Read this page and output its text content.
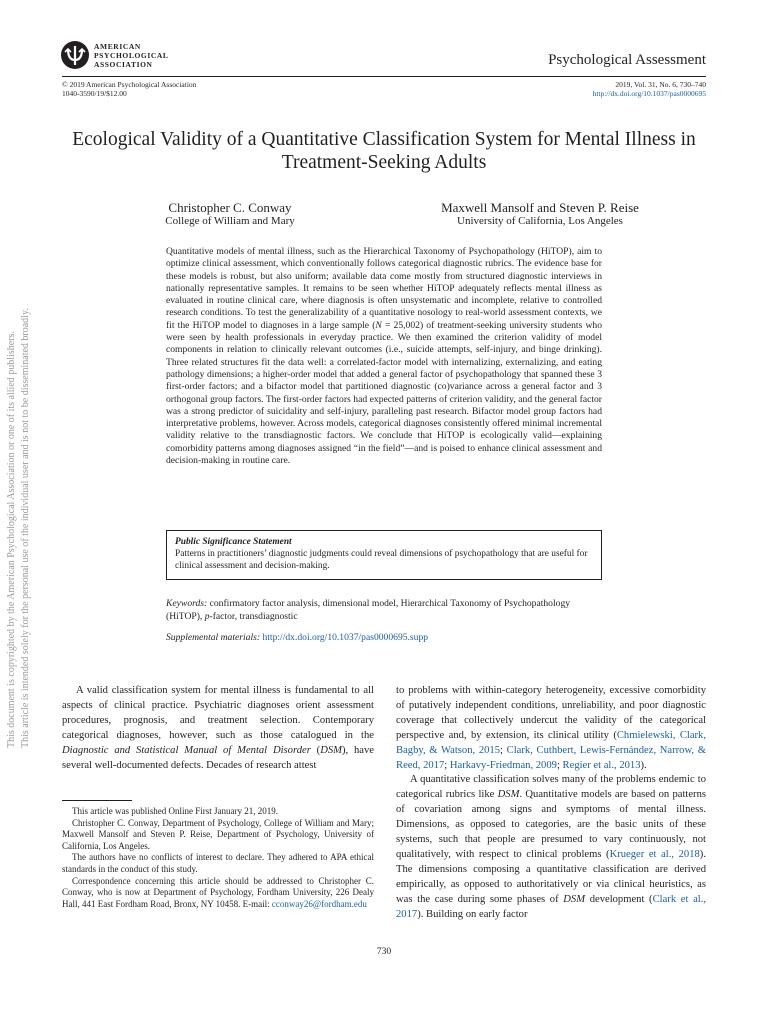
AMERICAN
PSYCHOLOGICAL
ASSOCIATION	Psychological Assessment
© 2019 American Psychological Association
1040-3590/19/$12.00
2019, Vol. 31, No. 6, 730–740
http://dx.doi.org/10.1037/pas0000695
Ecological Validity of a Quantitative Classification System for Mental Illness in Treatment-Seeking Adults
Christopher C. Conway
College of William and Mary
Maxwell Mansolf and Steven P. Reise
University of California, Los Angeles
Quantitative models of mental illness, such as the Hierarchical Taxonomy of Psychopathology (HiTOP), aim to optimize clinical assessment, which conventionally follows categorical diagnostic rubrics. The evidence base for these models is robust, but also uniform; available data come mostly from structured diagnostic interviews in nationally representative samples. It remains to be seen whether HiTOP adequately reflects mental illness as evaluated in routine clinical care, where diagnosis is often unsystematic and incomplete, relative to controlled research conditions. To test the generalizability of a quantitative nosology to real-world assessment contexts, we fit the HiTOP model to diagnoses in a large sample (N = 25,002) of treatment-seeking university students who were seen by health professionals in everyday practice. We then examined the criterion validity of model components in relation to clinically relevant outcomes (i.e., suicide attempts, self-injury, and binge drinking). Three related structures fit the data well: a correlated-factor model with internalizing, externalizing, and eating pathology dimensions; a higher-order model that added a general factor of psychopathology that spanned these 3 first-order factors; and a bifactor model that partitioned diagnostic (co)variance across a general factor and 3 orthogonal group factors. The first-order factors had expected patterns of criterion validity, and the general factor was a strong predictor of suicidality and self-injury, paralleling past research. Bifactor model group factors had interpretative problems, however. Across models, categorical diagnoses consistently offered minimal incremental validity relative to the transdiagnostic factors. We conclude that HiTOP is ecologically valid—explaining comorbidity patterns among diagnoses assigned “in the field”—and is poised to enhance clinical assessment and decision-making in routine care.
Public Significance Statement
Patterns in practitioners’ diagnostic judgments could reveal dimensions of psychopathology that are useful for clinical assessment and decision-making.
Keywords: confirmatory factor analysis, dimensional model, Hierarchical Taxonomy of Psychopathology (HiTOP), p-factor, transdiagnostic
Supplemental materials: http://dx.doi.org/10.1037/pas0000695.supp
This document is copyrighted by the American Psychological Association or one of its allied publishers. This article is intended solely for the personal use of the individual user and is not to be disseminated broadly.	A valid classification system for mental illness is fundamental to all aspects of clinical practice. Psychiatric diagnoses orient assessment procedures, prognosis, and treatment selection. Contemporary categorical diagnoses, however, such as those catalogued in the Diagnostic and Statistical Manual of Mental Disorder (DSM), have several well-documented defects. Decades of research attest

This article was published Online First January 21, 2019.

Christopher C. Conway, Department of Psychology, College of William and Mary; Maxwell Mansolf and Steven P. Reise, Department of Psychology, University of California, Los Angeles.

The authors have no conflicts of interest to declare. They adhered to APA ethical standards in the conduct of this study.

Correspondence concerning this article should be addressed to Christopher C. Conway, who is now at Department of Psychology, Fordham University, 226 Dealy Hall, 441 East Fordham Road, Bronx, NY 10458. E-mail: cconway26@fordham.edu

to problems with within-category heterogeneity, excessive comorbidity of putatively independent conditions, unreliability, and poor diagnostic coverage that collectively undercut the validity of the categorical perspective and, by extension, its clinical utility (Chmielewski, Clark, Bagby, & Watson, 2015; Clark, Cuthbert, Lewis-Fernández, Narrow, & Reed, 2017; Harkavy-Friedman, 2009; Regier et al., 2013).

A quantitative classification solves many of the problems endemic to categorical rubrics like DSM. Quantitative models are based on patterns of covariation among signs and symptoms of mental illness. Dimensions, as opposed to categories, are the basic units of these systems, such that people are presumed to vary continuously, not qualitatively, with respect to clinical problems (Krueger et al., 2018). The dimensions composing a quantitative classification are derived empirically, as opposed to authoritatively or via clinical heuristics, as was the case during some phases of DSM development (Clark et al., 2017). Building on early factor

730
